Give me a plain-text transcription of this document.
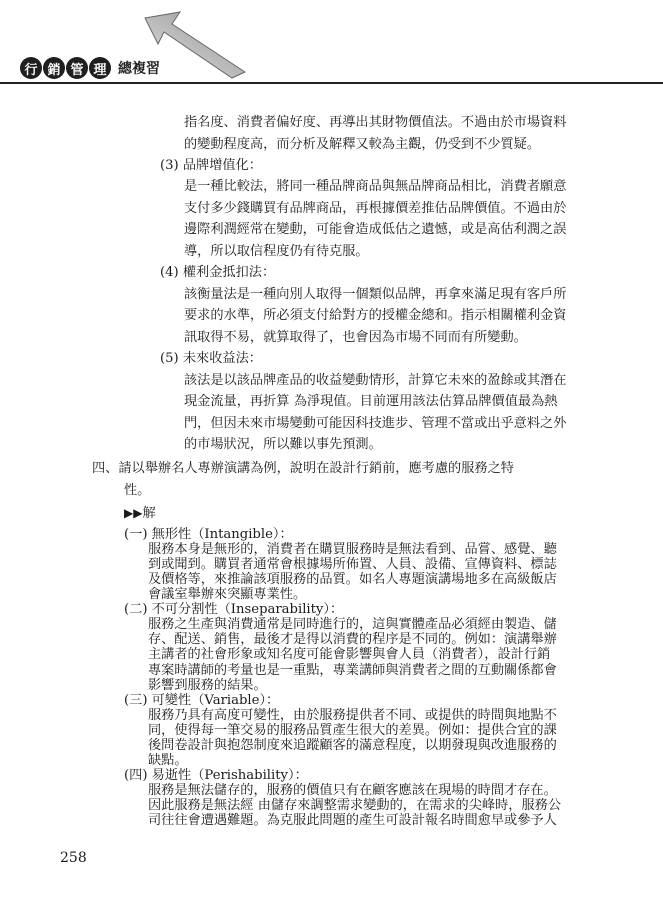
行 銷 管 理 總複習
指名度、消費者偏好度、再導出其財物價值法。不過由於市場資料
的變動程度高，而分析及解釋又較為主觀，仍受到不少質疑。
(3) 品牌增值化：
是一種比較法，將同一種品牌商品與無品牌商品相比，消費者願意
支付多少錢購買有品牌商品，再根據價差推估品牌價值。不過由於
邊際利潤經常在變動，可能會造成低估之遺憾，或是高估利潤之誤
導，所以取信程度仍有待克服。
(4) 權利金抵扣法：
該衡量法是一種向別人取得一個類似品牌，再拿來滿足現有客戶所
要求的水準，所必須支付給對方的授權金總和。指示相關權利金資
訊取得不易，就算取得了，也會因為市場不同而有所變動。
(5) 未來收益法：
該法是以該品牌產品的收益變動情形，計算它未來的盈餘或其潛在
現金流量，再折算 為淨現值。目前運用該法估算品牌價值最為熱
門，但因未來市場變動可能因科技進步、管理不當或出乎意料之外
的市場狀況，所以難以事先預測。
四、請以舉辦名人專辦演講為例，說明在設計行銷前，應考慮的服務之特
性。
▶▶解
(一) 無形性（Intangible）：
服務本身是無形的，消費者在購買服務時是無法看到、品嘗、感覺、聽
到或聞到。購買者通常會根據場所佈置、人員、設備、宣傳資料、標誌
及價格等，來推論該項服務的品質。如名人專題演講場地多在高級飯店
會議室舉辦來突顯專業性。
(二) 不可分割性（Inseparability）：
服務之生產與消費通常是同時進行的，這與實體產品必須經由製造、儲
存、配送、銷售，最後才是得以消費的程序是不同的。例如：演講舉辦
主講者的社會形象或知名度可能會影響與會人員（消費者），設計行銷
專案時講師的考量也是一重點，專業講師與消費者之間的互動關係都會
影響到服務的結果。
(三) 可變性（Variable）：
服務乃具有高度可變性，由於服務提供者不同、或提供的時間與地點不
同，使得每一筆交易的服務品質產生很大的差異。例如：提供合宜的課
後問卷設計與抱怨制度來追蹤顧客的滿意程度，以期發現與改進服務的
缺點。
(四) 易逝性（Perishability）：
服務是無法儲存的，服務的價值只有在顧客應該在現場的時間才存在。
因此服務是無法經 由儲存來調整需求變動的，在需求的尖峰時，服務公
司往往會遭遇難題。為克服此問題的產生可設計報名時間愈早或參予人
258
